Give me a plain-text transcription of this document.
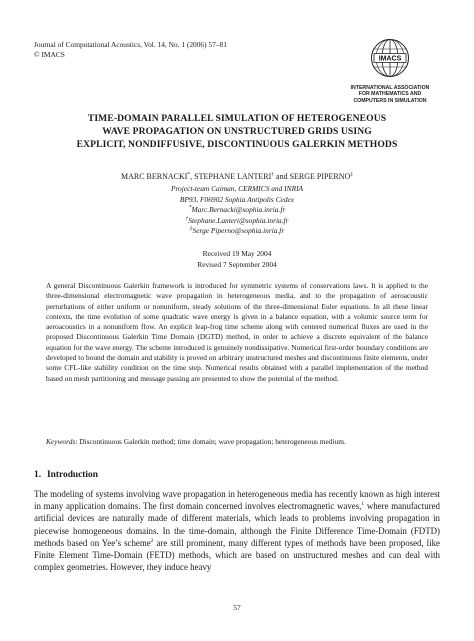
Journal of Computational Acoustics, Vol. 14, No. 1 (2006) 57–81
© IMACS
IMACS
INTERNATIONAL ASSOCIATION
FOR MATHEMATICS AND
COMPUTERS IN SIMULATION
TIME-DOMAIN PARALLEL SIMULATION OF HETEROGENEOUS
WAVE PROPAGATION ON UNSTRUCTURED GRIDS USING
EXPLICIT, NONDIFFUSIVE, DISCONTINUOUS GALERKIN METHODS
MARC BERNACKI*, STEPHANE LANTERI† and SERGE PIPERNO‡
Project-team Caiman, CERMICS and INRIA
BP93, F06902 Sophia Antipolis Cedex
*Marc.Bernacki@sophia.inria.fr
†Stephane.Lanteri@sophia.inria.fr
‡Serge Piperno@sophia.inria.fr
Received 19 May 2004
Revised 7 September 2004

A general Discontinuous Galerkin framework is introduced for symmetric systems of conservations laws. It is applied to the three-dimensional electromagnetic wave propagation in heterogeneous media, and to the propagation of aeroacoustic perturbations of either uniform or nonuniform, steady solutions of the three-dimensional Euler equations. In all these linear contexts, the time evolution of some quadratic wave energy is given in a balance equation, with a volumic source term for aeroacoustics in a nonuniform flow. An explicit leap-frog time scheme along with centered numerical fluxes are used in the proposed Discontinuous Galerkin Time Domain (DGTD) method, in order to achieve a discrete equivalent of the balance equation for the wave energy. The scheme introduced is genuinely nondissipative. Numerical first-order boundary conditions are developed to bound the domain and stability is proved on arbitrary unstructured meshes and discontinuous finite elements, under some CFL-like stability condition on the time step. Numerical results obtained with a parallel implementation of the method based on mesh partitioning and message passing are presented to show the potential of the method.

Keywords: Discontinuous Galerkin method; time domain; wave propagation; heterogeneous medium.

1. Introduction

The modeling of systems involving wave propagation in heterogeneous media has recently known as high interest in many application domains. The first domain concerned involves electromagnetic waves,$^1$ where manufactured artificial devices are naturally made of different materials, which leads to problems involving propagation in piecewise homogeneous domains. In the time-domain, although the Finite Difference Time-Domain (FDTD) methods based on Yee’s scheme$^2$ are still prominent, many different types of methods have been proposed, like Finite Element Time-Domain (FETD) methods, which are based on unstructured meshes and can deal with complex geometries. However, they induce heavy

57
